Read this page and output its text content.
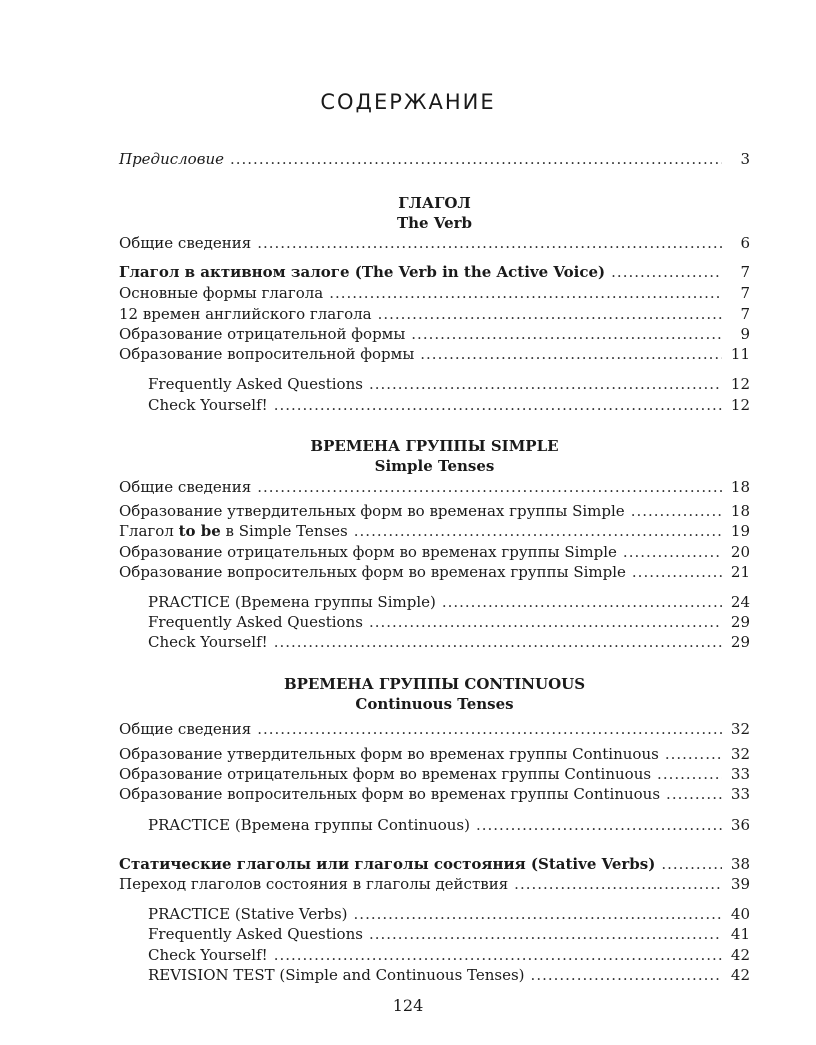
СОДЕРЖАНИЕ
Предисловие .....	3
ГЛАГОЛ
The Verb
Общие сведения .....	6
Глагол в активном залоге (The Verb in the Active Voice) .....	7
Основные формы глагола .....	7
12 времен английского глагола .....	7
Образование отрицательной формы .....	9
Образование вопросительной формы .....	11
Frequently Asked Questions .....	12
Check Yourself! .....	12
ВРЕМЕНА ГРУППЫ SIMPLE
Simple Tenses
Общие сведения .....	18
Образование утвердительных форм во временах группы Simple .....	18
Глагол to be в Simple Tenses .....	19
Образование отрицательных форм во временах группы Simple .....	20
Образование вопросительных форм во временах группы Simple .....	21
PRACTICE (Времена группы Simple) .....	24
Frequently Asked Questions .....	29
Check Yourself! .....	29
ВРЕМЕНА ГРУППЫ CONTINUOUS
Continuous Tenses
Общие сведения .....	32
Образование утвердительных форм во временах группы Continuous .....	32
Образование отрицательных форм во временах группы Continuous .....	33
Образование вопросительных форм во временах группы Continuous .....	33
PRACTICE (Времена группы Continuous) .....	36
Статические глаголы или глаголы состояния (Stative Verbs) .....	38
Переход глаголов состояния в глаголы действия .....	39
PRACTICE (Stative Verbs) .....	40
Frequently Asked Questions .....	41
Check Yourself! .....	42
REVISION TEST (Simple and Continuous Tenses) .....	42
124
